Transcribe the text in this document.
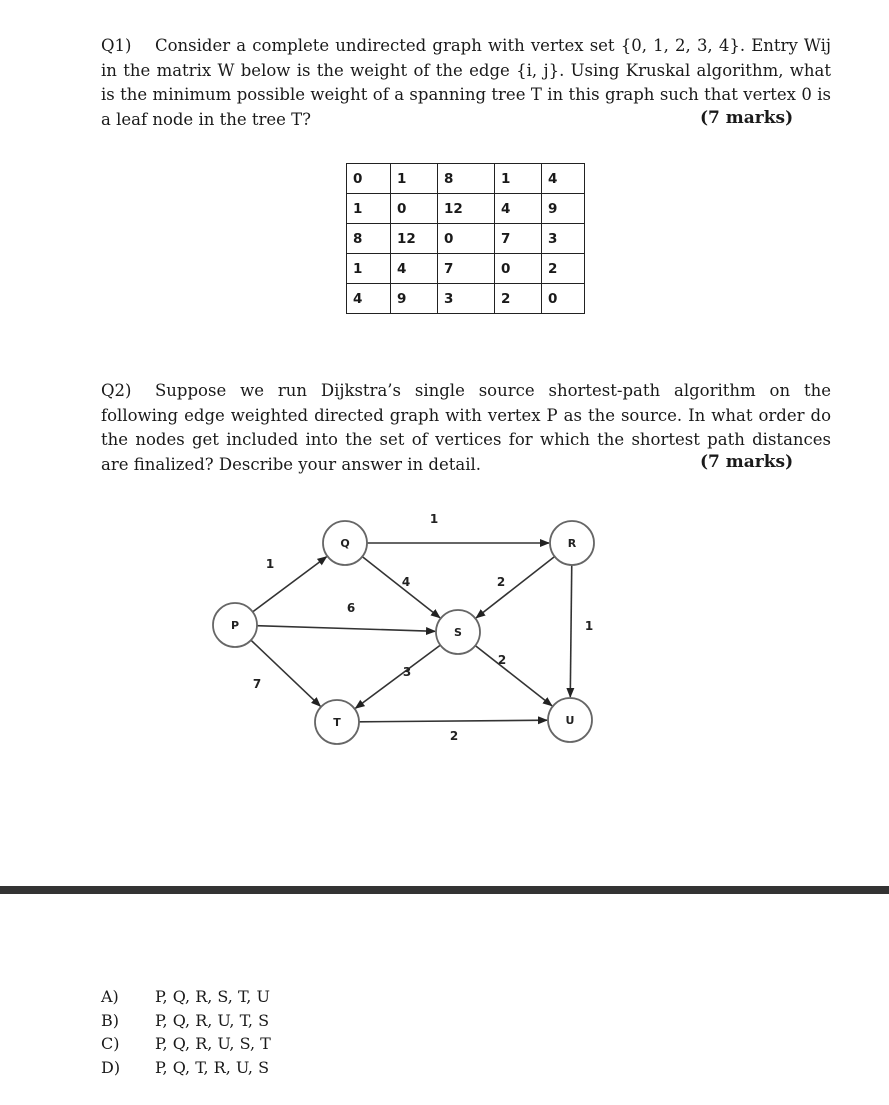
Q1) Consider a complete undirected graph with vertex set {0, 1, 2, 3, 4}. Entry Wij in the matrix W below is the weight of the edge {i, j}. Using Kruskal algorithm, what is the minimum possible weight of a spanning tree T in this graph such that vertex 0 is a leaf node in the tree T?	(7 marks)
0	1	8	1	4
1	0	12	4	9
8	12	0	7	3
1	4	7	0	2
4	9	3	2	0
Q2) Suppose we run Dijkstra’s single source shortest-path algorithm on the following edge weighted directed graph with vertex P as the source. In what order do the nodes get included into the set of vertices for which the shortest path distances are finalized? Describe your answer in detail.	(7 marks)
1
1
4
6
2
1
7
3
2
2
P
Q	R
S
T	U
A)	P, Q, R, S, T, U
B)	P, Q, R, U, T, S
C)	P, Q, R, U, S, T
D)	P, Q, T, R, U, S
